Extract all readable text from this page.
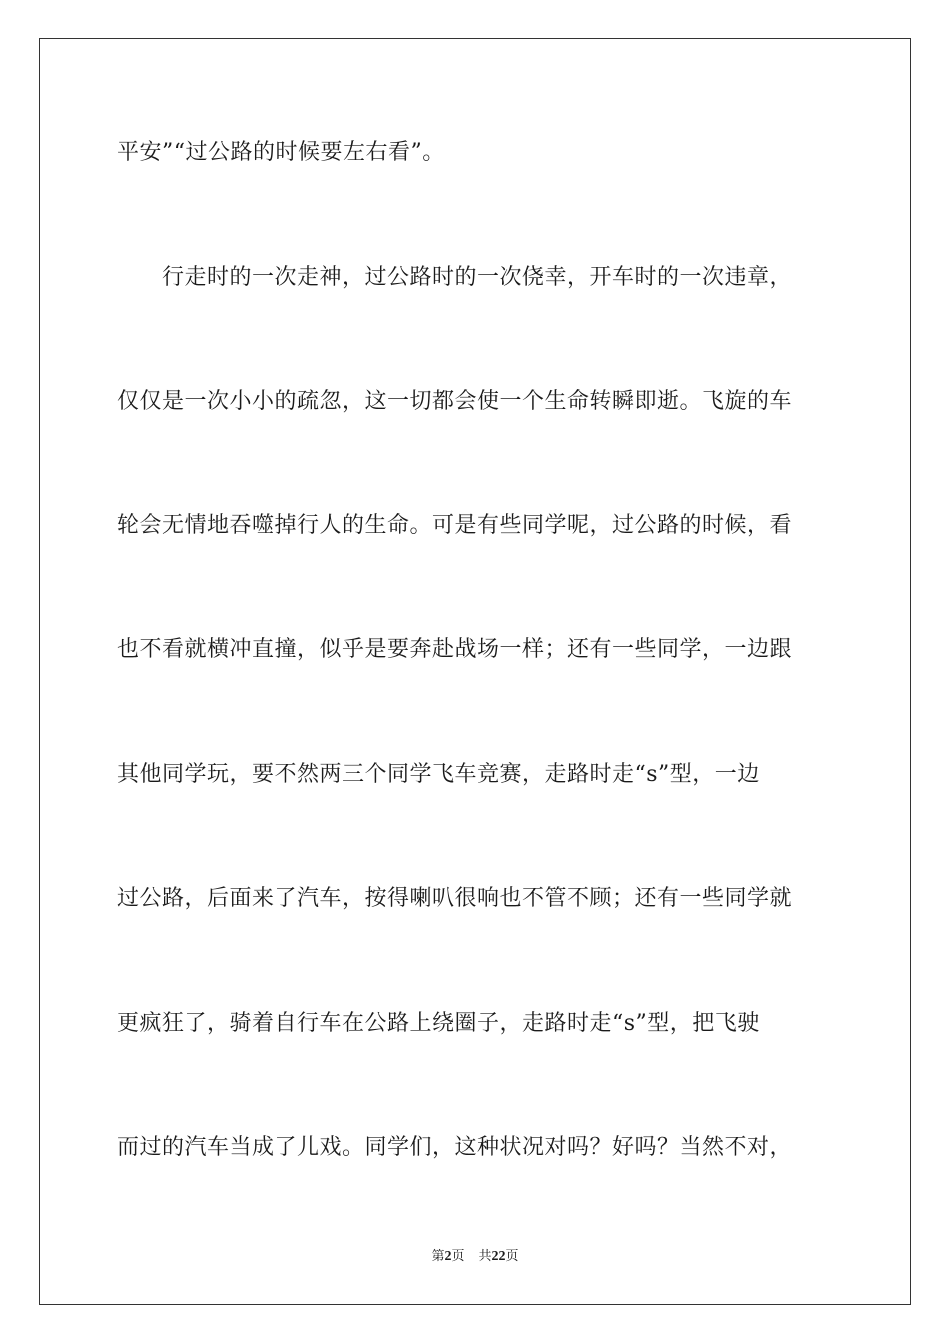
平安”“过公路的时候要左右看”。
行走时的一次走神，过公路时的一次侥幸，开车时的一次违章，
仅仅是一次小小的疏忽，这一切都会使一个生命转瞬即逝。飞旋的车
轮会无情地吞噬掉行人的生命。可是有些同学呢，过公路的时候，看
也不看就横冲直撞，似乎是要奔赴战场一样；还有一些同学，一边跟
其他同学玩，要不然两三个同学飞车竞赛，走路时走“s”型，一边
过公路，后面来了汽车，按得喇叭很响也不管不顾；还有一些同学就
更疯狂了，骑着自行车在公路上绕圈子，走路时走“s”型，把飞驶
而过的汽车当成了儿戏。同学们，这种状况对吗？好吗？当然不对，
第2页 共22页
